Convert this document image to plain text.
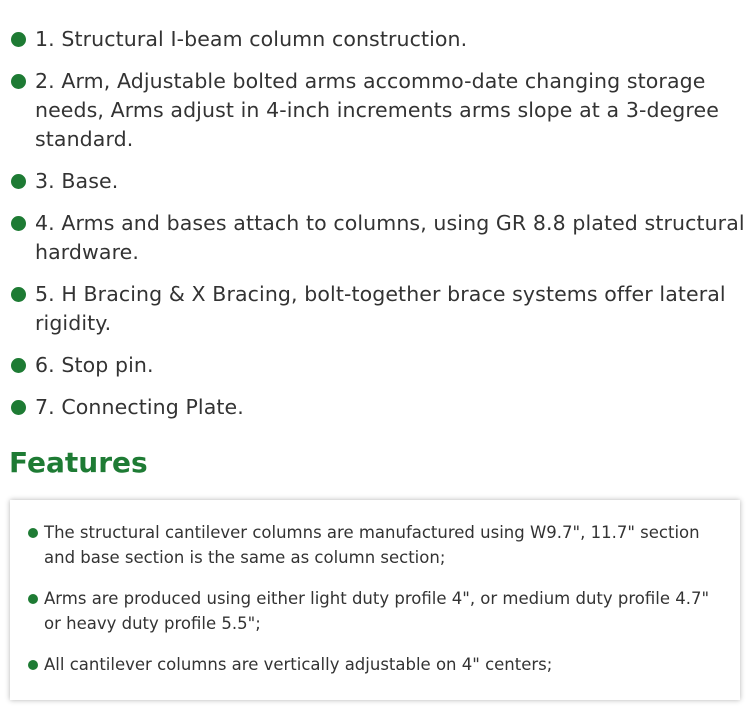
1. Structural I-beam column construction.
2. Arm, Adjustable bolted arms accommo-date changing storage needs, Arms adjust in 4-inch increments arms slope at a 3-degree standard.
3. Base.
4. Arms and bases attach to columns, using GR 8.8 plated structural hardware.
5. H Bracing & X Bracing, bolt-together brace systems offer lateral rigidity.
6. Stop pin.
7. Connecting Plate.
Features
The structural cantilever columns are manufactured using W9.7", 11.7" section and base section is the same as column section;
Arms are produced using either light duty profile 4", or medium duty profile 4.7" or heavy duty profile 5.5";
All cantilever columns are vertically adjustable on 4" centers;
